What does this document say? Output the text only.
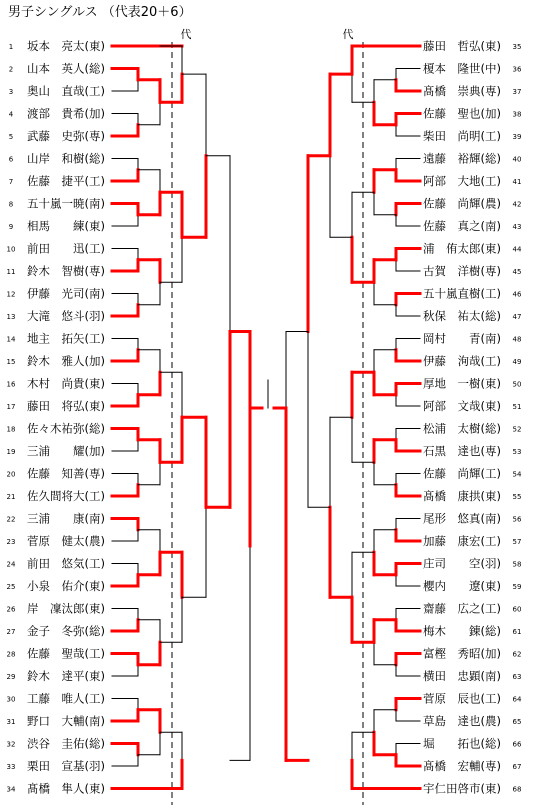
男子シングルス （代表20＋6）
1 坂本　亮太(東)
2 山本　英人(総)
3 奥山　直哉(工)
4 渡部　貴希(加)
5 武藤　史弥(専)
6 山岸　和樹(総)
7 佐藤　捷平(工)
8 五十嵐一暁(南)
9 相馬　　練(東)
10 前田　　迅(工)
11 鈴木　智樹(専)
12 伊藤　光司(南)
13 大滝　悠斗(羽)
14 地主　拓矢(工)
15 鈴木　雅人(加)
16 木村　尚貴(東)
17 藤田　将弘(東)
18 佐々木祐弥(総)
19 三浦　　耀(加)
20 佐藤　知善(専)
21 佐久間将大(工)
22 三浦　　康(南)
23 菅原　健太(農)
24 前田　悠気(工)
25 小泉　佑介(東)
26 岸　凜汰郎(東)
27 金子　冬弥(総)
28 佐藤　聖哉(工)
29 鈴木　達平(東)
30 工藤　唯人(工)
31 野口　大輔(南)
32 渋谷　圭佑(総)
33 栗田　宣基(羽)
34 髙橋　隼人(東)
藤田　哲弘(東) 35
榎本　隆世(中) 36
髙橋　崇典(専) 37
佐藤　聖也(加) 38
柴田　尚明(工) 39
遠藤　裕輝(総) 40
阿部　大地(工) 41
佐藤　尚輝(農) 42
佐藤　真之(南) 43
浦　侑太郎(東) 44
古賀　洋樹(専) 45
五十嵐直樹(工) 46
秋保　祐太(総) 47
岡村　　青(南) 48
伊藤　洵哉(工) 49
厚地　一樹(東) 50
阿部　文哉(東) 51
松浦　太樹(総) 52
石黒　達也(専) 53
佐藤　尚輝(工) 54
髙橋　康拱(東) 55
尾形　悠真(南) 56
加藤　康宏(工) 57
庄司　　空(羽) 58
櫻内　　遼(東) 59
齋藤　広之(工) 60
梅木　　錬(総) 61
富樫　秀昭(加) 62
横田　忠顕(南) 63
菅原　辰也(工) 64
草島　達也(農) 65
堀　　拓也(総) 66
髙橋　宏輔(専) 67
宇仁田啓市(東) 68
代	代
